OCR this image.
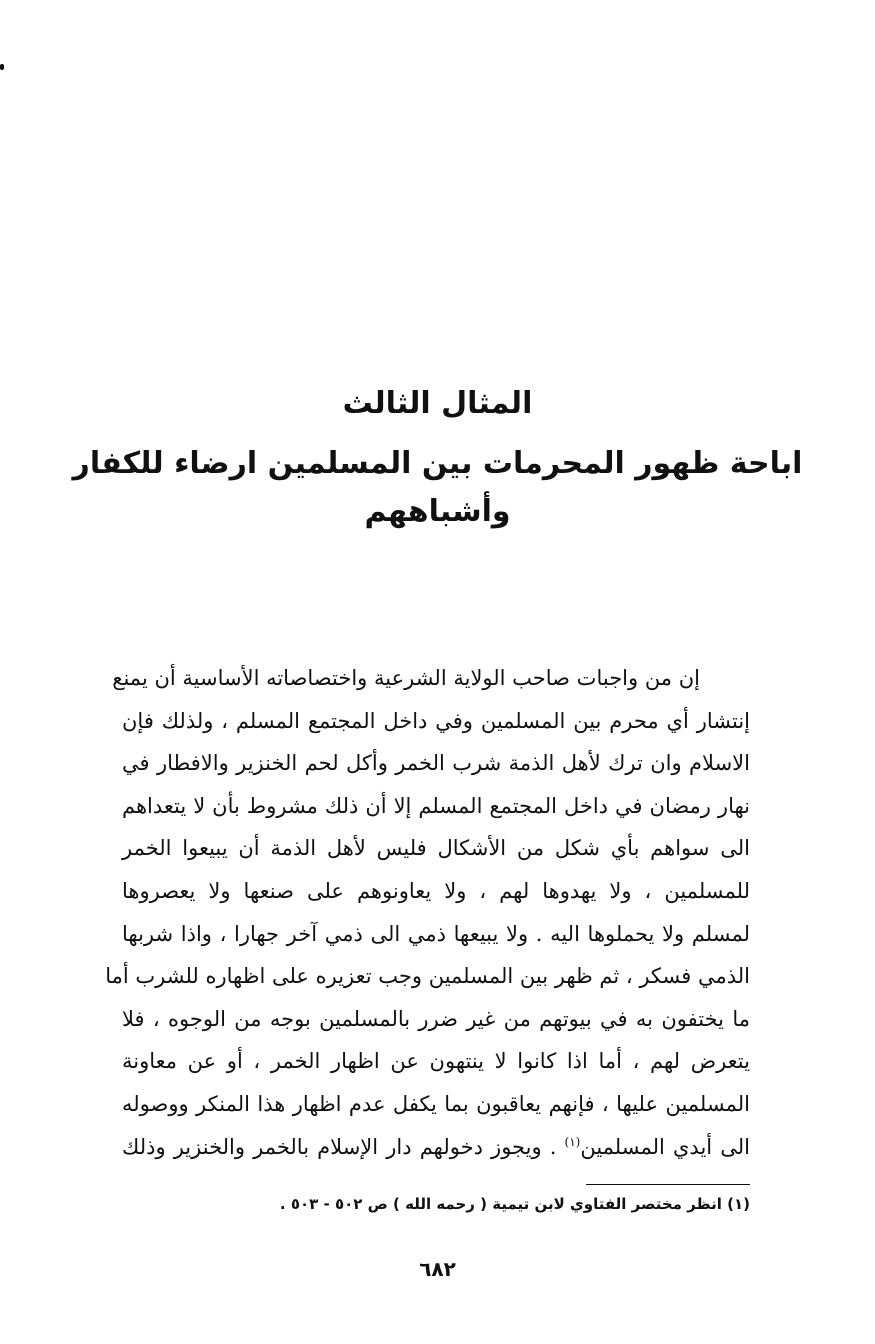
المثال الثالث
اباحة ظهور المحرمات بين المسلمين ارضاء للكفار وأشباههم
إن من واجبات صاحب الولاية الشرعية واختصاصاته الأساسية أن يمنع
إنتشار أي محرم بين المسلمين وفي داخل المجتمع المسلم ، ولذلك فإن
الاسلام وان ترك لأهل الذمة شرب الخمر وأكل لحم الخنزير والافطار في
نهار رمضان في داخل المجتمع المسلم إلا أن ذلك مشروط بأن لا يتعداهم
الى سواهم بأي شكل من الأشكال فليس لأهل الذمة أن يبيعوا الخمر
للمسلمين ، ولا يهدوها لهم ، ولا يعاونوهم على صنعها ولا يعصروها
لمسلم ولا يحملوها اليه . ولا يبيعها ذمي الى ذمي آخر جهارا ، واذا شربها
الذمي فسكر ، ثم ظهر بين المسلمين وجب تعزيره على اظهاره للشرب أما
ما يختفون به في بيوتهم من غير ضرر بالمسلمين بوجه من الوجوه ، فلا
يتعرض لهم ، أما اذا كانوا لا ينتهون عن اظهار الخمر ، أو عن معاونة
المسلمين عليها ، فإنهم يعاقبون بما يكفل عدم اظهار هذا المنكر ووصوله
الى أيدي المسلمين$^{(١)}$ . ويجوز دخولهم دار الإسلام بالخمر والخنزير وذلك
(١) انظر مختصر الفتاوي لابن تيمية ( رحمه الله ) ص ٥٠٢ - ٥٠٣ .
٦٨٢
